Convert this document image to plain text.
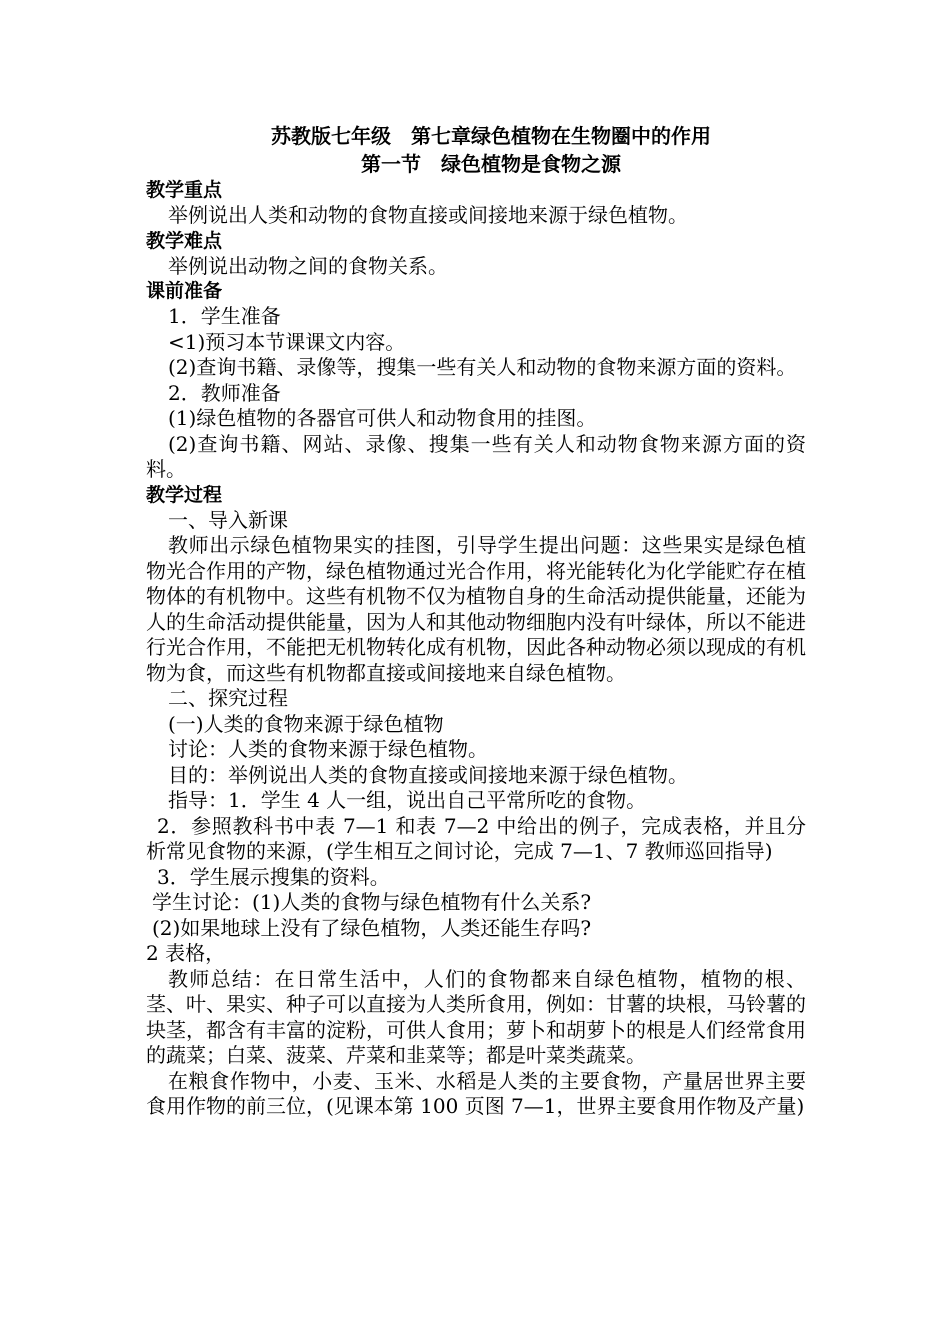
苏教版七年级　第七章绿色植物在生物圈中的作用

第一节　绿色植物是食物之源

教学重点

举例说出人类和动物的食物直接或间接地来源于绿色植物。

教学难点

举例说出动物之间的食物关系。

课前准备

1．学生准备

<1)预习本节课课文内容。

(2)查询书籍、录像等，搜集一些有关人和动物的食物来源方面的资料。

2．教师准备

(1)绿色植物的各器官可供人和动物食用的挂图。

(2)查询书籍、网站、录像、搜集一些有关人和动物食物来源方面的资料。

教学过程

一、导入新课

教师出示绿色植物果实的挂图，引导学生提出问题：这些果实是绿色植物光合作用的产物，绿色植物通过光合作用，将光能转化为化学能贮存在植物体的有机物中。这些有机物不仅为植物自身的生命活动提供能量，还能为人的生命活动提供能量，因为人和其他动物细胞内没有叶绿体，所以不能进行光合作用，不能把无机物转化成有机物，因此各种动物必须以现成的有机物为食，而这些有机物都直接或间接地来自绿色植物。

二、探究过程

(一)人类的食物来源于绿色植物

讨论：人类的食物来源于绿色植物。

目的：举例说出人类的食物直接或间接地来源于绿色植物。

指导：1．学生 4 人一组，说出自己平常所吃的食物。

2．参照教科书中表 7—1 和表 7—2 中给出的例子，完成表格，并且分析常见食物的来源，(学生相互之间讨论，完成 7—1、7 教师巡回指导)

3．学生展示搜集的资料。

学生讨论：(1)人类的食物与绿色植物有什么关系?

(2)如果地球上没有了绿色植物，人类还能生存吗?

2 表格，

教师总结：在日常生活中，人们的食物都来自绿色植物，植物的根、茎、叶、果实、种子可以直接为人类所食用，例如：甘薯的块根，马铃薯的块茎，都含有丰富的淀粉，可供人食用；萝卜和胡萝卜的根是人们经常食用的蔬菜；白菜、菠菜、芹菜和韭菜等；都是叶菜类蔬菜。

在粮食作物中，小麦、玉米、水稻是人类的主要食物，产量居世界主要食用作物的前三位，(见课本第 100 页图 7—1，世界主要食用作物及产量)
